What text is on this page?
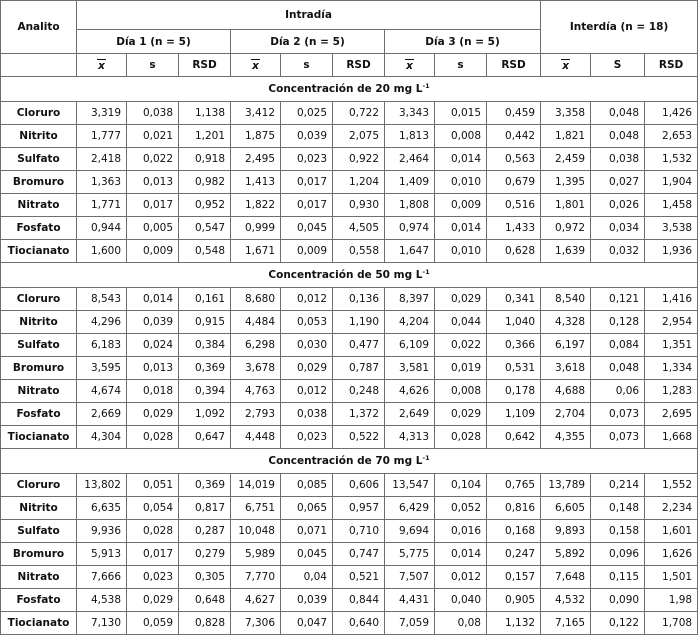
Analito	Intradía									Interdía (n = 18)		
	Día 1 (n = 5)			Día 2 (n = 5)			Día 3 (n = 5)					
	x	s	RSD	x	s	RSD	x	s	RSD	x	S	RSD
Concentración de 20 mg $L^{-1}$
Cloruro	3,319	0,038	1,138	3,412	0,025	0,722	3,343	0,015	0,459	3,358	0,048	1,426
Nitrito	1,777	0,021	1,201	1,875	0,039	2,075	1,813	0,008	0,442	1,821	0,048	2,653
Sulfato	2,418	0,022	0,918	2,495	0,023	0,922	2,464	0,014	0,563	2,459	0,038	1,532
Bromuro	1,363	0,013	0,982	1,413	0,017	1,204	1,409	0,010	0,679	1,395	0,027	1,904
Nitrato	1,771	0,017	0,952	1,822	0,017	0,930	1,808	0,009	0,516	1,801	0,026	1,458
Fosfato	0,944	0,005	0,547	0,999	0,045	4,505	0,974	0,014	1,433	0,972	0,034	3,538
Tiocianato	1,600	0,009	0,548	1,671	0,009	0,558	1,647	0,010	0,628	1,639	0,032	1,936
Concentración de 50 mg $L^{-1}$
Cloruro	8,543	0,014	0,161	8,680	0,012	0,136	8,397	0,029	0,341	8,540	0,121	1,416
Nitrito	4,296	0,039	0,915	4,484	0,053	1,190	4,204	0,044	1,040	4,328	0,128	2,954
Sulfato	6,183	0,024	0,384	6,298	0,030	0,477	6,109	0,022	0,366	6,197	0,084	1,351
Bromuro	3,595	0,013	0,369	3,678	0,029	0,787	3,581	0,019	0,531	3,618	0,048	1,334
Nitrato	4,674	0,018	0,394	4,763	0,012	0,248	4,626	0,008	0,178	4,688	0,06	1,283
Fosfato	2,669	0,029	1,092	2,793	0,038	1,372	2,649	0,029	1,109	2,704	0,073	2,695
Tiocianato	4,304	0,028	0,647	4,448	0,023	0,522	4,313	0,028	0,642	4,355	0,073	1,668
Concentración de 70 mg $L^{-1}$
Cloruro	13,802	0,051	0,369	14,019	0,085	0,606	13,547	0,104	0,765	13,789	0,214	1,552
Nitrito	6,635	0,054	0,817	6,751	0,065	0,957	6,429	0,052	0,816	6,605	0,148	2,234
Sulfato	9,936	0,028	0,287	10,048	0,071	0,710	9,694	0,016	0,168	9,893	0,158	1,601
Bromuro	5,913	0,017	0,279	5,989	0,045	0,747	5,775	0,014	0,247	5,892	0,096	1,626
Nitrato	7,666	0,023	0,305	7,770	0,04	0,521	7,507	0,012	0,157	7,648	0,115	1,501
Fosfato	4,538	0,029	0,648	4,627	0,039	0,844	4,431	0,040	0,905	4,532	0,090	1,98
Tiocianato	7,130	0,059	0,828	7,306	0,047	0,640	7,059	0,08	1,132	7,165	0,122	1,708
